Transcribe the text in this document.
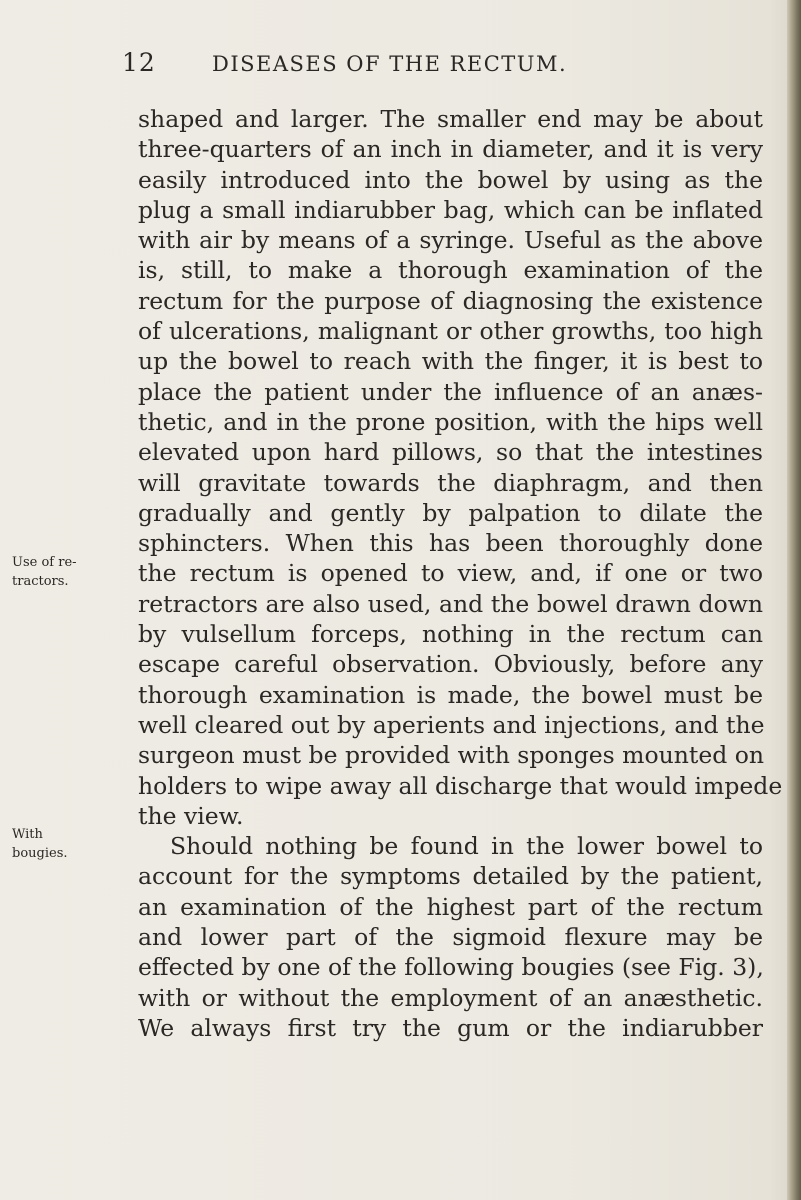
12	DISEASES OF THE RECTUM.
Use of re-
tractors.
With
bougies.
shaped and larger. The smaller end may be about
three-quarters of an inch in diameter, and it is very
easily introduced into the bowel by using as the
plug a small indiarubber bag, which can be inflated
with air by means of a syringe. Useful as the above
is, still, to make a thorough examination of the
rectum for the purpose of diagnosing the existence
of ulcerations, malignant or other growths, too high
up the bowel to reach with the finger, it is best to
place the patient under the influence of an anæs-
thetic, and in the prone position, with the hips well
elevated upon hard pillows, so that the intestines
will gravitate towards the diaphragm, and then
gradually and gently by palpation to dilate the
sphincters. When this has been thoroughly done
the rectum is opened to view, and, if one or two
retractors are also used, and the bowel drawn down
by vulsellum forceps, nothing in the rectum can
escape careful observation. Obviously, before any
thorough examination is made, the bowel must be
well cleared out by aperients and injections, and the
surgeon must be provided with sponges mounted on
holders to wipe away all discharge that would impede
the view.
Should nothing be found in the lower bowel to
account for the symptoms detailed by the patient,
an examination of the highest part of the rectum
and lower part of the sigmoid flexure may be
effected by one of the following bougies (see Fig. 3),
with or without the employment of an anæsthetic.
We always first try the gum or the indiarubber
